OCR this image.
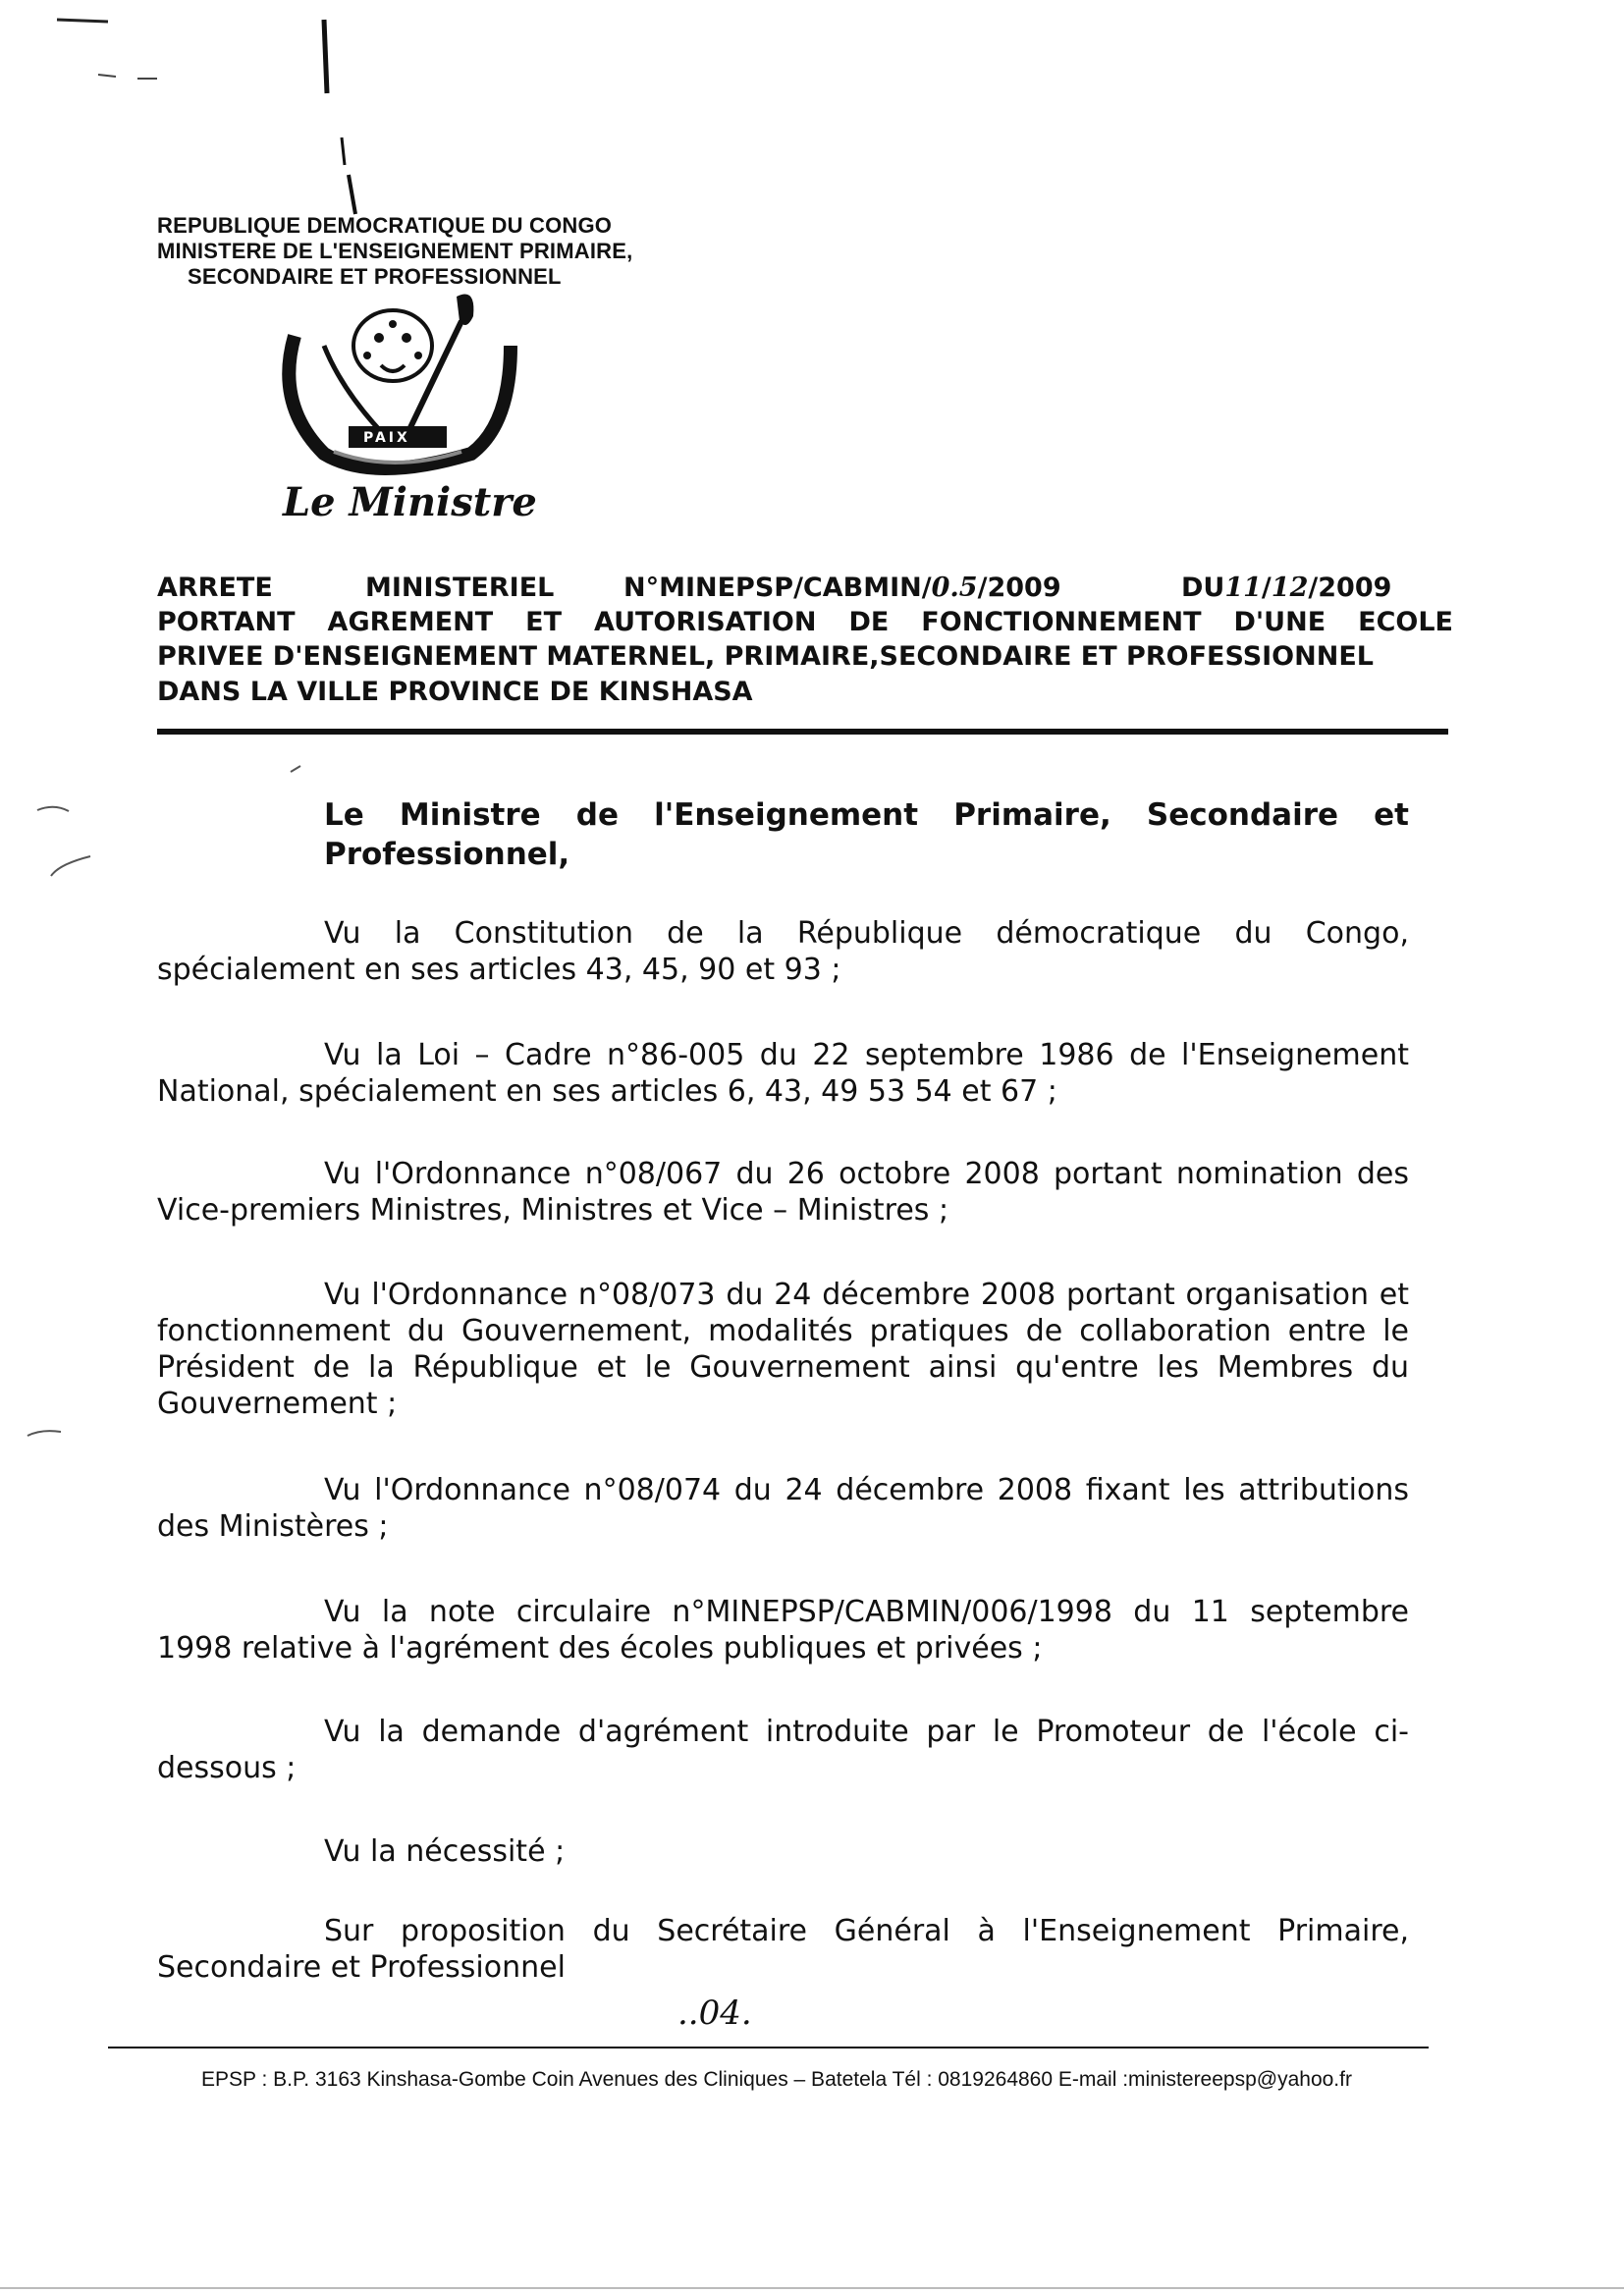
REPUBLIQUE DEMOCRATIQUE DU CONGO
MINISTERE DE L'ENSEIGNEMENT PRIMAIRE,
SECONDAIRE ET PROFESSIONNEL
PAIX
Le Ministre
ARRETE	MINISTERIEL	N°MINEPSP/CABMIN/0.5/2009	DU11/12/2009
PORTANT AGREMENT ET AUTORISATION DE FONCTIONNEMENT D'UNE ECOLE
PRIVEE D'ENSEIGNEMENT MATERNEL, PRIMAIRE,SECONDAIRE ET PROFESSIONNEL
DANS LA VILLE PROVINCE DE KINSHASA
Le Ministre de l'Enseignement Primaire, Secondaire et
Professionnel,
Vu la Constitution de la République démocratique du Congo, spécialement en ses articles 43, 45, 90 et 93 ;
Vu la Loi – Cadre n°86-005 du 22 septembre 1986 de l'Enseignement National, spécialement en ses articles 6, 43, 49 53 54 et 67 ;
Vu l'Ordonnance n°08/067 du 26 octobre 2008 portant nomination des Vice-premiers Ministres, Ministres et Vice – Ministres ;
Vu l'Ordonnance n°08/073 du 24 décembre 2008 portant organisation et fonctionnement du Gouvernement, modalités pratiques de collaboration entre le Président de la République et le Gouvernement ainsi qu'entre les Membres du Gouvernement ;
Vu l'Ordonnance n°08/074 du 24 décembre 2008 fixant les attributions des Ministères ;
Vu la note circulaire n°MINEPSP/CABMIN/006/1998 du 11 septembre 1998 relative à l'agrément des écoles publiques et privées ;
Vu la demande d'agrément introduite par le Promoteur de l'école ci-dessous ;
Vu la nécessité ;
Sur proposition du Secrétaire Général à l'Enseignement Primaire, Secondaire et Professionnel
..04.
EPSP : B.P. 3163 Kinshasa-Gombe Coin Avenues des Cliniques – Batetela Tél : 0819264860 E-mail :ministereepsp@yahoo.fr
